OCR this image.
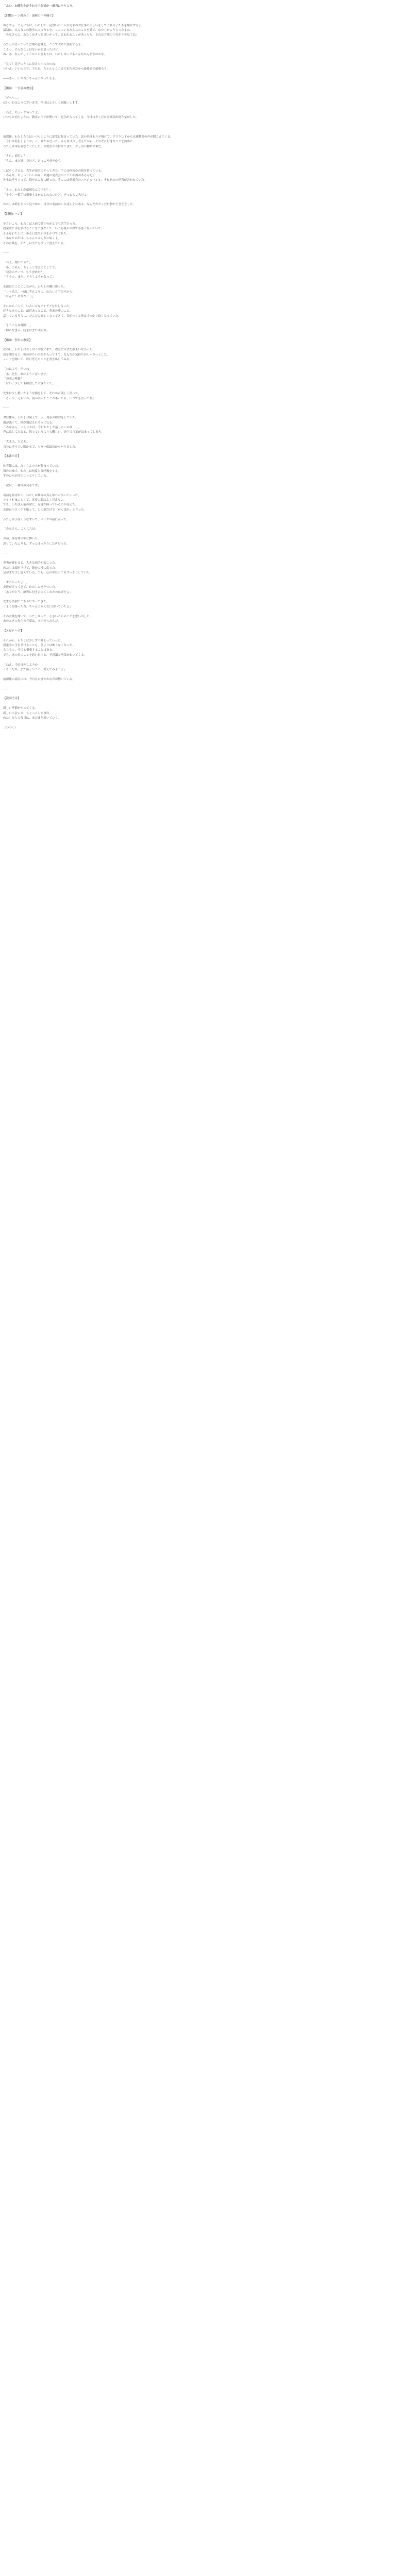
「ふむ、加藤先生がそれを主張済かー適当にやりよう。
【回想シーン終わり　部屋の中の様子】
ゆるやぁ、こんにちは。わたしで、見習いの二人の先生のお仕事の手伝いをしてくれる子たちを紹介するよ。
最初は、みんなこの教室に入ったとき、ここにいるみんなのことを見て、わたしがこう言ったよね。
「みなさんに、わたしはきっと良いかって、言われることがあったら、それは言葉のつながりを見てね」
わたしが言っていた言葉の意味を、ここで改めて説明するよ。
こそっ、そんなことはないかと思ったけど。
ぬ、あ。なんでしょうかこのきもちは。わたしはいつもこんなかんじなのかな。
「見て！見学のうちに覚えちゃったのね」
いいえ、いいんです。でもね、ちゃんとここまで来たのだから最後まで頑張ろう。
――あっ、いやね。ちゃんとやってるよ。
【場面：一日前の教室】
「ゲヘヘ…」
はい、おはようございます。今日はよろしくお願いします。
「ねえ、ちょっと待ってよ」
いつもと同じように、教室のドアが開いて、先生が入ってくる。今日は少しだけ雰囲気が違う気がした。
――
放課後、わたしたちはいつものように部室に集まっていた。窓の外はもう夕焼けで、グラウンドからは運動部の声が聞こえてくる。
「今日は何をしようか」と、誰かが言った。みんなは少し考えてから、それぞれ好きなことを始めた。
わたしは本を読むことにした。図書室から借りてきた、少し古い物語の本だ。
「それ、面白い？」
「うん、まだ途中だけど、けっこう好きかも」
しばらくすると、先生が部室にやってきた。手には何枚かの紙を持っている。
「みんな、ちょっといいかな。来週の発表会のことで相談があるんだ」
先生はそう言って、紙をみんなに配った。そこには発表会のスケジュールと、それぞれの担当が書かれていた。
「えっ、わたしが最初なんですか？」
「そう。一番手は緊張するかもしれないけど、きっと大丈夫だよ」
わたしは紙をじっと見つめた。自分の名前がいちばん上にある。なんだか少しだけ胸がどきどきした。
【回想シーン】
小さいころ、わたしは人前で話すのがとても苦手だった。
授業中に手を挙げることもできなくて、いつも後ろの席で小さくなっていた。
そんなわたしに、ある日先生が声をかけてくれた。
「あなたの声は、ちゃんとみんなに届くよ」
その言葉を、わたしは今でもずっと覚えている。
――
「ねえ、聞いてる？」
「あ、ごめん。ちょっと考えごとしてた」
「発表のテーマ、もう決めた？」
「ううん、まだ。どうしようかなって」
友達はにこにこしながら、わたしの隣に座った。
「じゃあさ、一緒に考えようよ。わたしも手伝うから」
「ほんと？ありがとう」
それから二人で、いろいろなアイデアを出し合った。
好きな本のこと、最近あったこと、将来の夢のこと。
話しているうちに、だんだん楽しくなってきて、気がつくと外はすっかり暗くなっていた。
「もうこんな時間！」
「帰らなきゃ。続きはまた明日ね」
【場面：翌日の教室】
次の日、わたしは少し早く学校に来た。教室にはまだ誰もいなかった。
窓を開けると、朝の冷たい空気が入ってきて、なんだか気持ちがしゃきっとした。
ノートを開いて、昨日考えたことを書き出してみる。
「おはよう。早いね」
「あ、先生。おはようございます」
「発表の準備？」
「はい。少しでも練習しておきたくて」
先生は少し驚いたような顔をして、それから優しく笑った。
「そっか。えらいね。何か困ったことがあったら、いつでも言ってね」
――
お昼休み。わたしは屋上で一人、発表の練習をしていた。
風が強くて、紙が飛ばされそうになる。
「みなさん、こんにちは。今日わたしが話したいのは……」
声に出してみると、思っていたよりも難しい。途中で言葉が詰まってしまう。
「大丈夫、大丈夫」
自分にそう言い聞かせて、もう一度最初からやり直した。
【本番当日】
体育館には、たくさんの人が集まっていた。
舞台の袖で、わたしは何度も深呼吸をする。
手のひらが汗でじっとりしている。
「次は、一番目の発表です」
名前を呼ばれて、わたしは舞台の真ん中へと歩いていった。
ライトがまぶしくて、客席の顔はよく見えない。
でも、いちばん前の席に、友達が座っているのが見えた。
友達は小さく手を振って、口の形だけで「がんばれ」と言った。
わたしは小さくうなずいて、マイクの前に立った。
「みなさん、こんにちは」
声が、体育館の中に響いた。
思っていたよりも、ずっとはっきりした声だった。
――
発表が終わると、大きな拍手が起こった。
わたしは頭を下げて、舞台の袖に戻った。
足がまだ少し震えている。でも、心の中はとてもすっきりしていた。
「すごかったよ！」
友達が走ってきて、わたしに抱きついた。
「ありがとう。練習に付き合ってくれたおかげだよ」
先生も笑顔でこちらにやってきた。
「よく頑張ったね。ちゃんとみんなに届いていたよ」
その言葉を聞いて、わたしはふと、小さいころのことを思い出した。
あのときの先生の言葉は、本当だったんだ。
【エピローグ】
それから、わたしは少しずつ変わっていった。
授業中に手を挙げることも、前よりは怖くなくなった。
もちろん、今でも緊張することはある。
でも、あの日のことを思い出すと、不思議と勇気がわいてくる。
「ねえ、今日は何しようか」
「そうだね。また新しいこと、考えてみようよ」
放課後の部室には、今日もにぎやかな声が響いている。
――
【次回予告】
新しい季節がやってくる。
新しい出会いと、ちょっとした事件。
わたしたちの毎日は、まだまだ続いていく。
（つづく）
